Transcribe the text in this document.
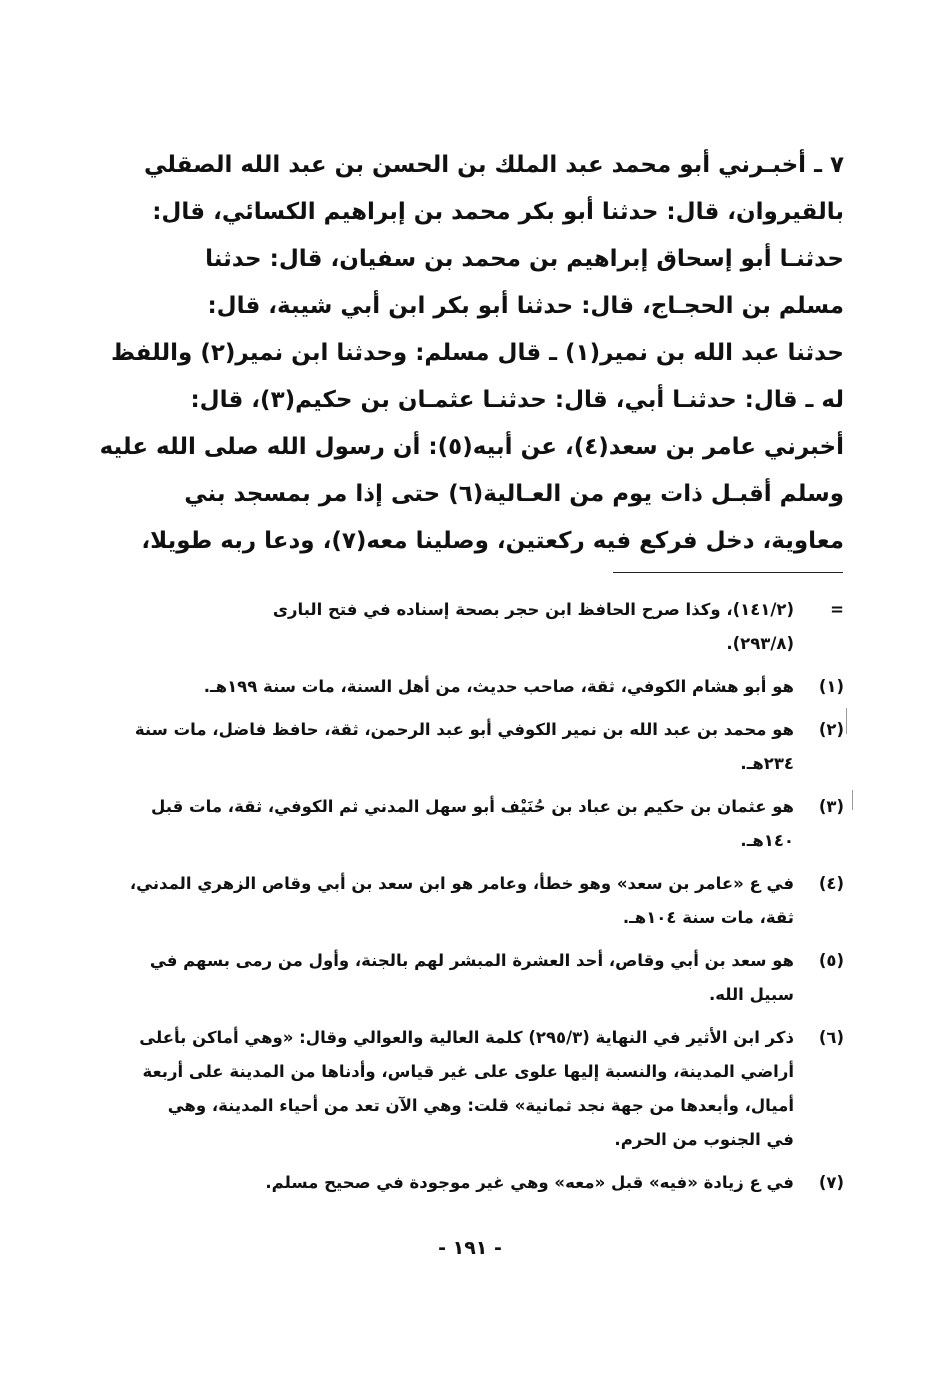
٧ ـ أخبـرني أبو محمد عبد الملك بن الحسن بن عبد الله الصقلي
بالقيروان، قال: حدثنا أبو بكر محمد بن إبراهيم الكسائي، قال:
حدثنـا أبو إسحاق إبراهيم بن محمد بن سفيان، قال: حدثنا
مسلم بن الحجـاج، قال: حدثنا أبو بكر ابن أبي شيبة، قال:
حدثنا عبد الله بن نمير(١) ـ قال مسلم: وحدثنا ابن نمير(٢) واللفظ
له ـ قال: حدثنـا أبي، قال: حدثنـا عثمـان بن حكيم(٣)، قال:
أخبرني عامر بن سعد(٤)، عن أبيه(٥): أن رسول الله صلى الله عليه
وسلم أقبـل ذات يوم من العـالية(٦) حتى إذا مر بمسجد بني
معاوية، دخل فركع فيه ركعتين، وصلينا معه(٧)، ودعا ربه طويلا،
=
(١٤١/٢)، وكذا صرح الحافظ ابن حجر بصحة إسناده في فتح البارى
(٢٩٣/٨).
(١)
هو أبو هشام الكوفي، ثقة، صاحب حديث، من أهل السنة، مات سنة ١٩٩هـ.
(٢)
هو محمد بن عبد الله بن نمير الكوفي أبو عبد الرحمن، ثقة، حافظ فاضل، مات سنة
٢٣٤هـ.
(٣)
هو عثمان بن حكيم بن عباد بن حُنَيْف أبو سهل المدني ثم الكوفي، ثقة، مات قبل
١٤٠هـ.
(٤)
في ع «عامر بن سعد» وهو خطأ، وعامر هو ابن سعد بن أبي وقاص الزهري المدني،
ثقة، مات سنة ١٠٤هـ.
(٥)
هو سعد بن أبي وقاص، أحد العشرة المبشر لهم بالجنة، وأول من رمى بسهم في
سبيل الله.
(٦)
ذكر ابن الأثير في النهاية (٢٩٥/٣) كلمة العالية والعوالي وقال: «وهي أماكن بأعلى
أراضي المدينة، والنسبة إليها علوى على غير قياس، وأدناها من المدينة على أربعة
أميال، وأبعدها من جهة نجد ثمانية» قلت: وهي الآن تعد من أحياء المدينة، وهي
في الجنوب من الحرم.
(٧)
في ع زيادة «فيه» قبل «معه» وهي غير موجودة في صحيح مسلم.
- ١٩١ -
